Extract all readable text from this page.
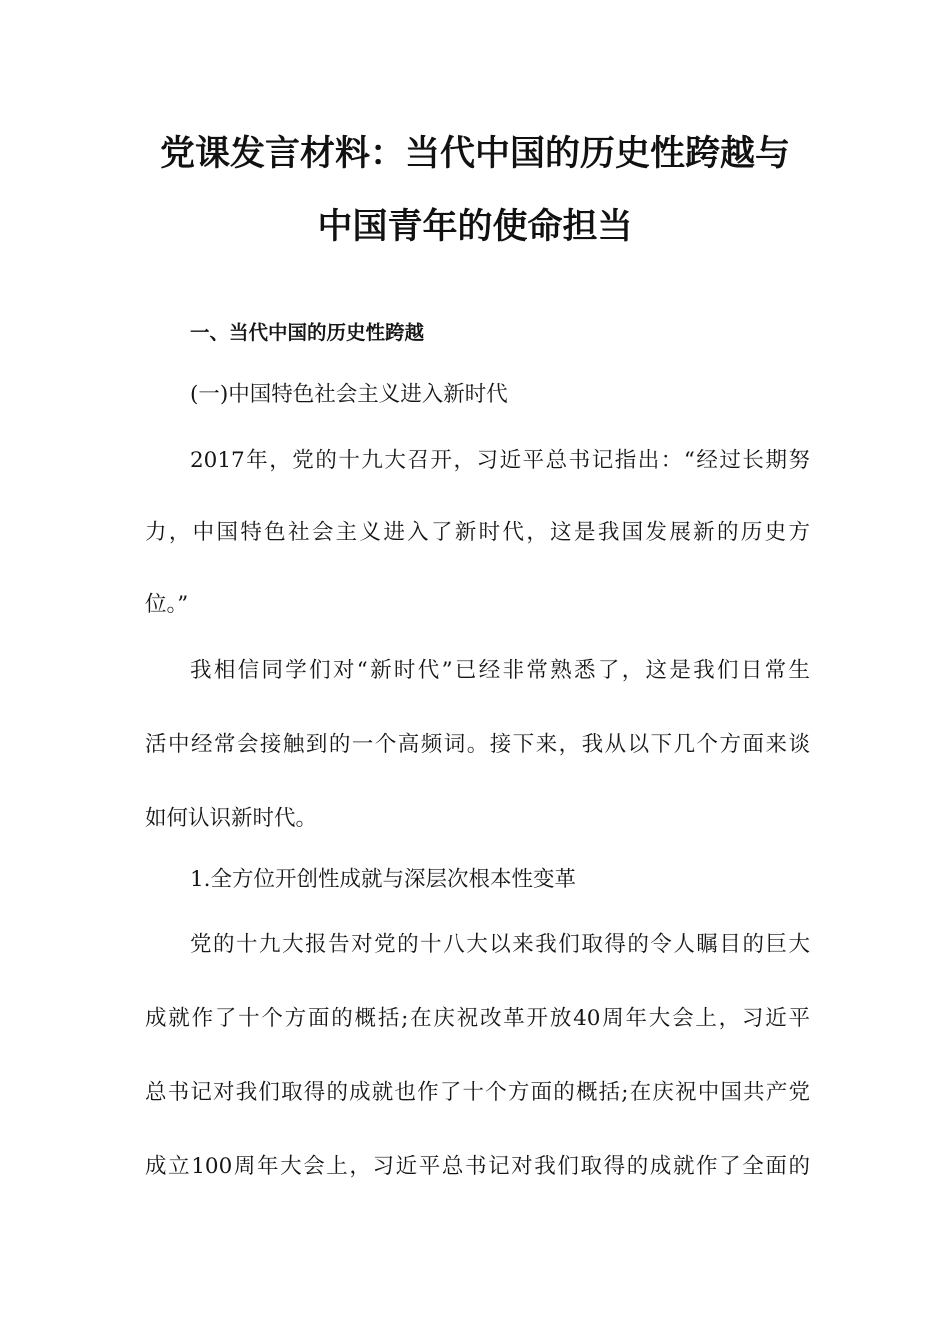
党课发言材料：当代中国的历史性跨越与
中国青年的使命担当
一、当代中国的历史性跨越
(一)中国特色社会主义进入新时代
2017年，党的十九大召开，习近平总书记指出：“经过长期努
力，中国特色社会主义进入了新时代，这是我国发展新的历史方
位。”
我相信同学们对“新时代”已经非常熟悉了，这是我们日常生
活中经常会接触到的一个高频词。接下来，我从以下几个方面来谈
如何认识新时代。
1.全方位开创性成就与深层次根本性变革
党的十九大报告对党的十八大以来我们取得的令人瞩目的巨大
成就作了十个方面的概括;在庆祝改革开放40周年大会上，习近平
总书记对我们取得的成就也作了十个方面的概括;在庆祝中国共产党
成立100周年大会上，习近平总书记对我们取得的成就作了全面的
